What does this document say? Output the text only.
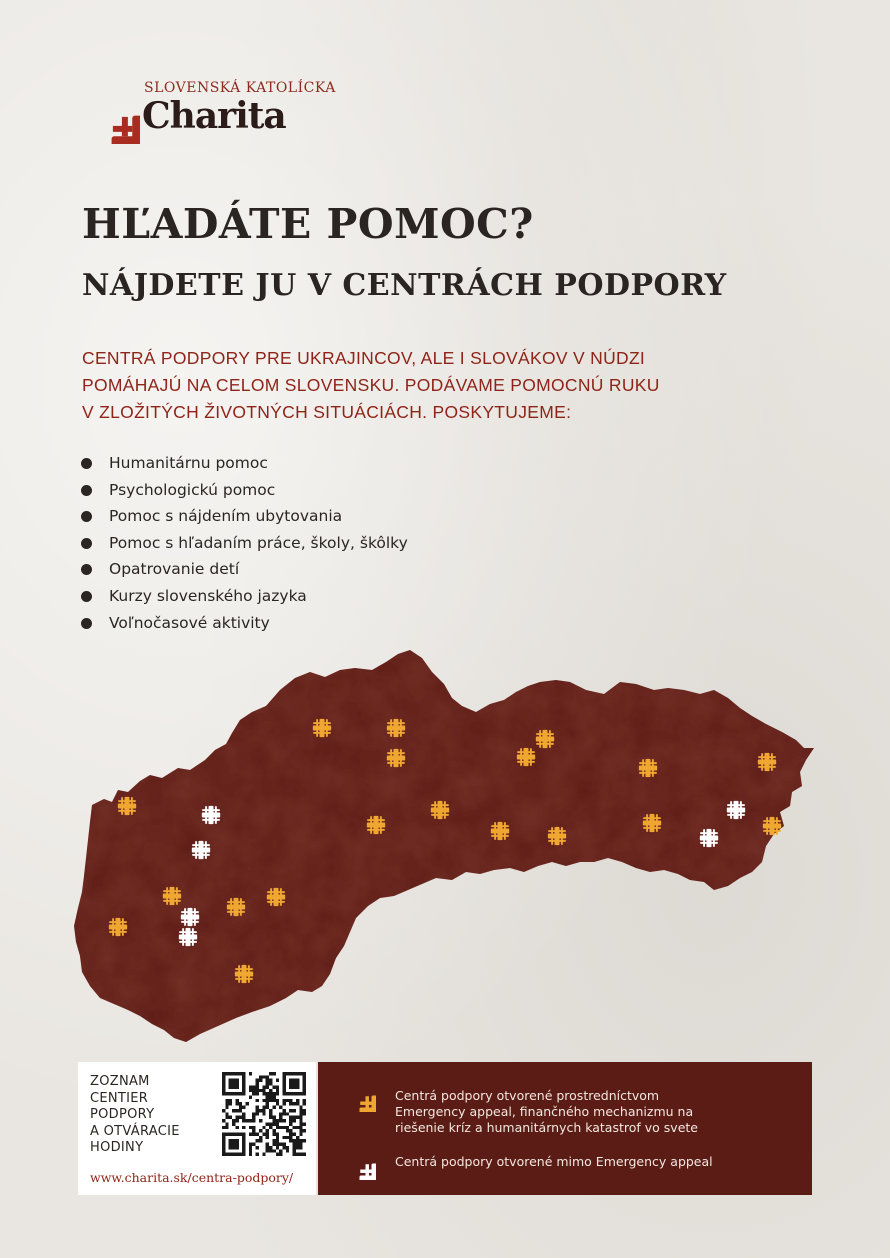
SLOVENSKÁ KATOLÍCKA
Charita
HĽADÁTE POMOC?
NÁJDETE JU V CENTRÁCH PODPORY
CENTRÁ PODPORY PRE UKRAJINCOV, ALE I SLOVÁKOV V NÚDZI
POMÁHAJÚ NA CELOM SLOVENSKU. PODÁVAME POMOCNÚ RUKU
V ZLOŽITÝCH ŽIVOTNÝCH SITUÁCIÁCH. POSKYTUJEME:
Humanitárnu pomoc
Psychologickú pomoc
Pomoc s nájdením ubytovania
Pomoc s hľadaním práce, školy, škôlky
Opatrovanie detí
Kurzy slovenského jazyka
Voľnočasové aktivity
ZOZNAM
CENTIER
PODPORY
A OTVÁRACIE
HODINY
www.charita.sk/centra-podpory/
Centrá podpory otvorené prostredníctvom
Emergency appeal, finančného mechanizmu na
riešenie kríz a humanitárnych katastrof vo svete
Centrá podpory otvorené mimo Emergency appeal
